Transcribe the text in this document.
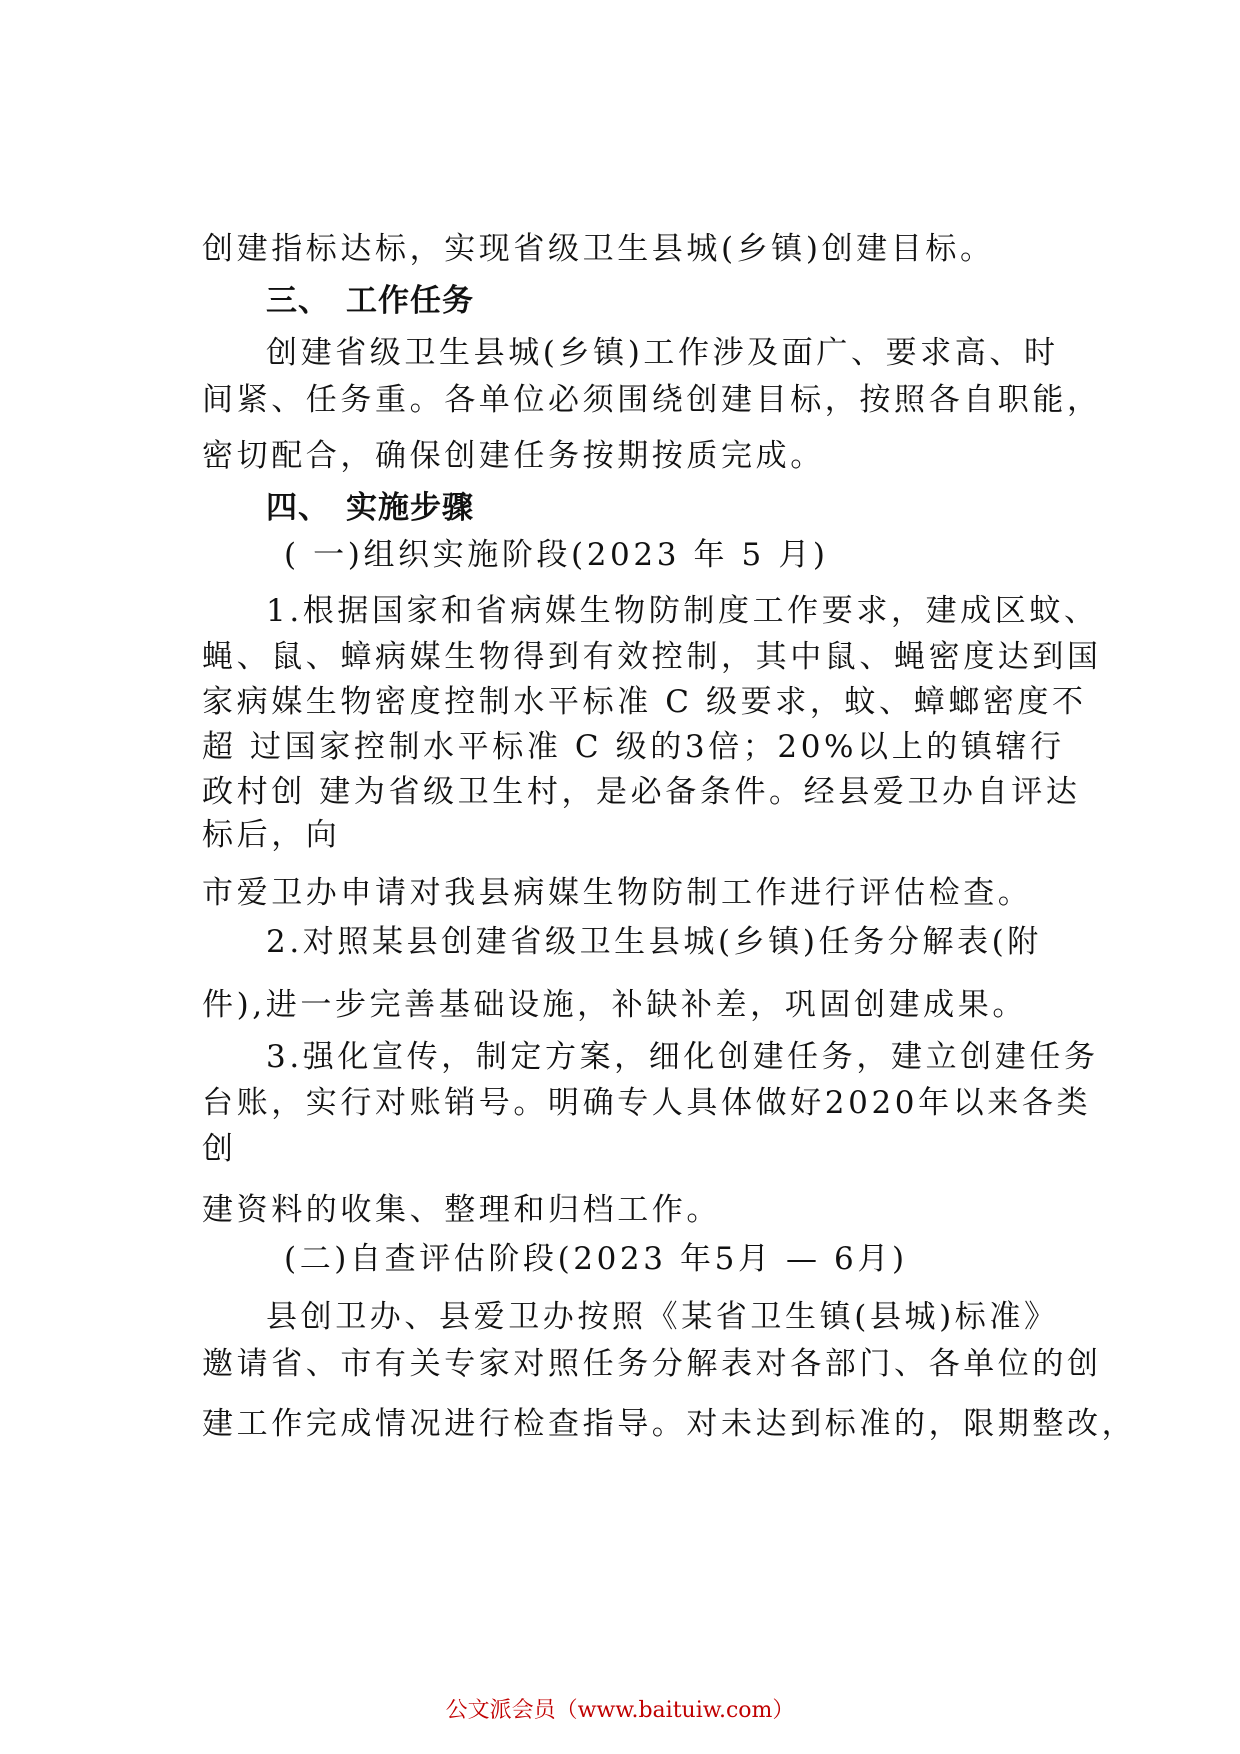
创建指标达标，实现省级卫生县城(乡镇)创建目标。
三、 工作任务
创建省级卫生县城(乡镇)工作涉及面广、要求高、时
间紧、任务重。各单位必须围绕创建目标，按照各自职能，
密切配合，确保创建任务按期按质完成。
四、 实施步骤
( 一)组织实施阶段(2023 年 5 月)
1.根据国家和省病媒生物防制度工作要求，建成区蚊、
蝇、鼠、蟑病媒生物得到有效控制，其中鼠、蝇密度达到国
家病媒生物密度控制水平标准 C 级要求，蚊、蟑螂密度不
超 过国家控制水平标准 C 级的3倍；20%以上的镇辖行
政村创 建为省级卫生村，是必备条件。经县爱卫办自评达
标后，向
市爱卫办申请对我县病媒生物防制工作进行评估检查。
2.对照某县创建省级卫生县城(乡镇)任务分解表(附
件),进一步完善基础设施，补缺补差，巩固创建成果。
3.强化宣传，制定方案，细化创建任务，建立创建任务
台账，实行对账销号。明确专人具体做好2020年以来各类
创
建资料的收集、整理和归档工作。
(二)自查评估阶段(2023 年5月 — 6月)
县创卫办、县爱卫办按照《某省卫生镇(县城)标准》
邀请省、市有关专家对照任务分解表对各部门、各单位的创
建工作完成情况进行检查指导。对未达到标准的，限期整改，
公文派会员（www.baituiw.com）
